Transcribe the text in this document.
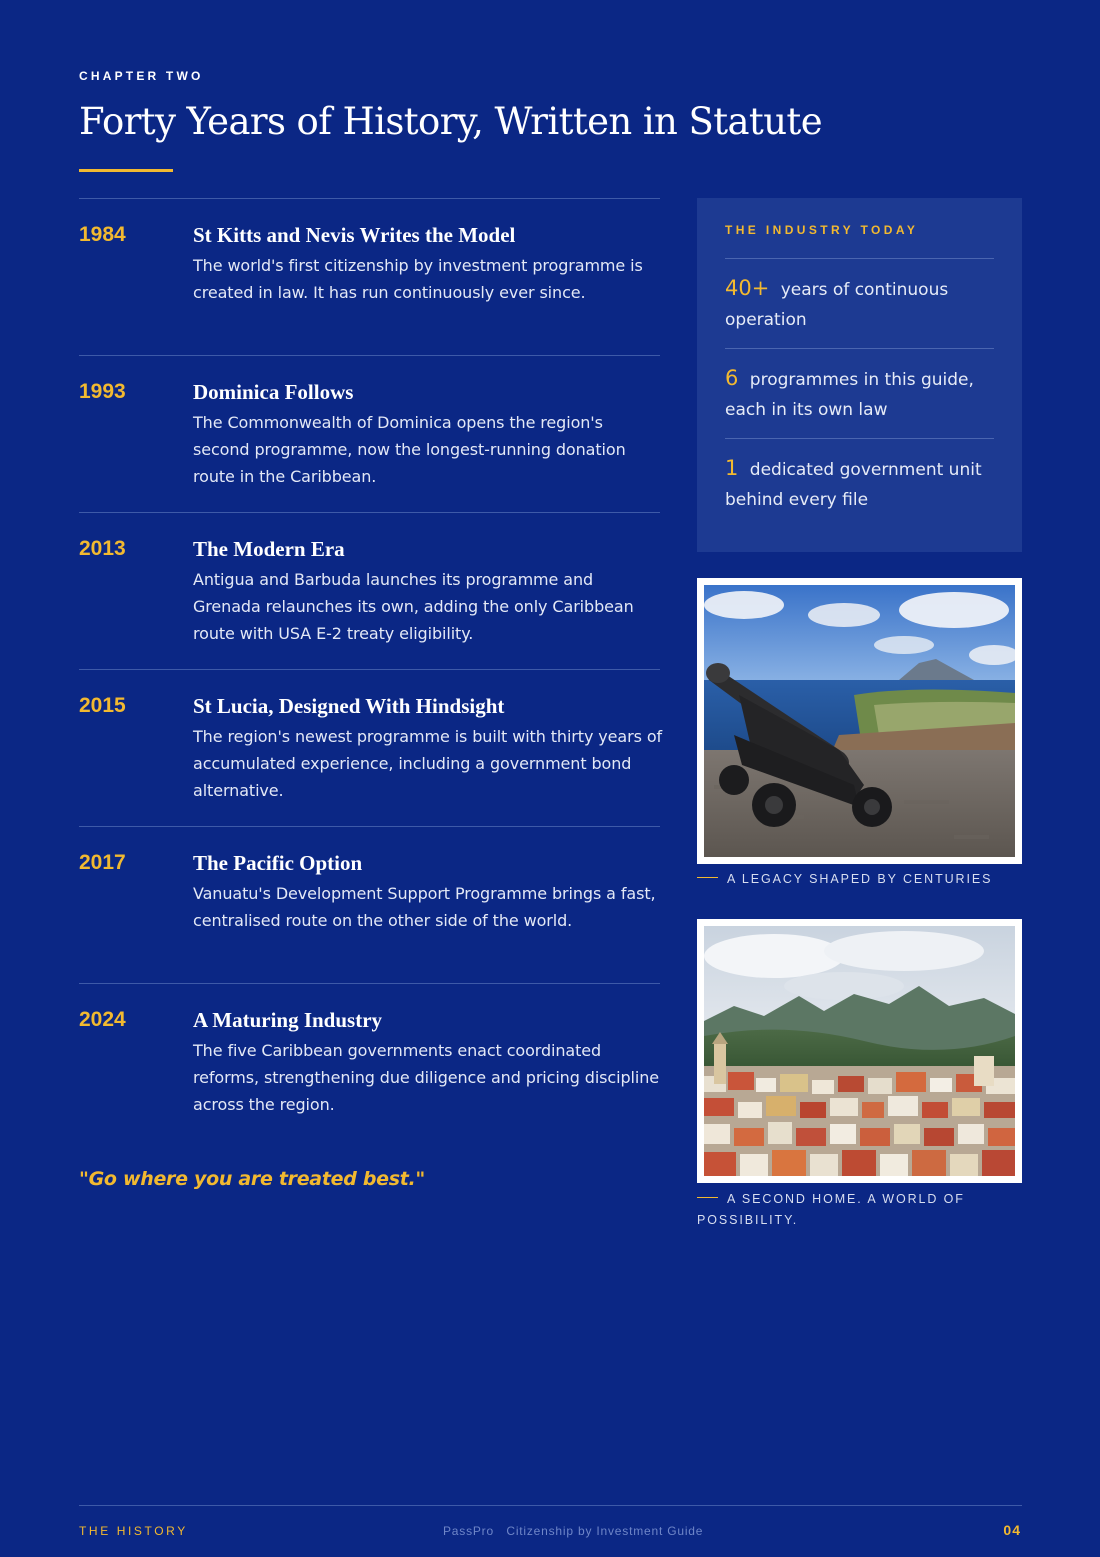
CHAPTER TWO
Forty Years of History, Written in Statute
1984	St Kitts and Nevis Writes the Model
The world's first citizenship by investment programme is created in law. It has run continuously ever since.
1993	Dominica Follows
The Commonwealth of Dominica opens the region's second programme, now the longest-running donation route in the Caribbean.
2013	The Modern Era
Antigua and Barbuda launches its programme and Grenada relaunches its own, adding the only Caribbean route with USA E-2 treaty eligibility.
2015	St Lucia, Designed With Hindsight
The region's newest programme is built with thirty years of accumulated experience, including a government bond alternative.
2017	The Pacific Option
Vanuatu's Development Support Programme brings a fast, centralised route on the other side of the world.
2024	A Maturing Industry
The five Caribbean governments enact coordinated reforms, strengthening due diligence and pricing discipline across the region.
"Go where you are treated best."
THE INDUSTRY TODAY
40+ years of continuous operation
6 programmes in this guide, each in its own law
1 dedicated government unit behind every file
A LEGACY SHAPED BY CENTURIES
A SECOND HOME. A WORLD OF POSSIBILITY.
THE HISTORY	PassPro   Citizenship by Investment Guide	04
